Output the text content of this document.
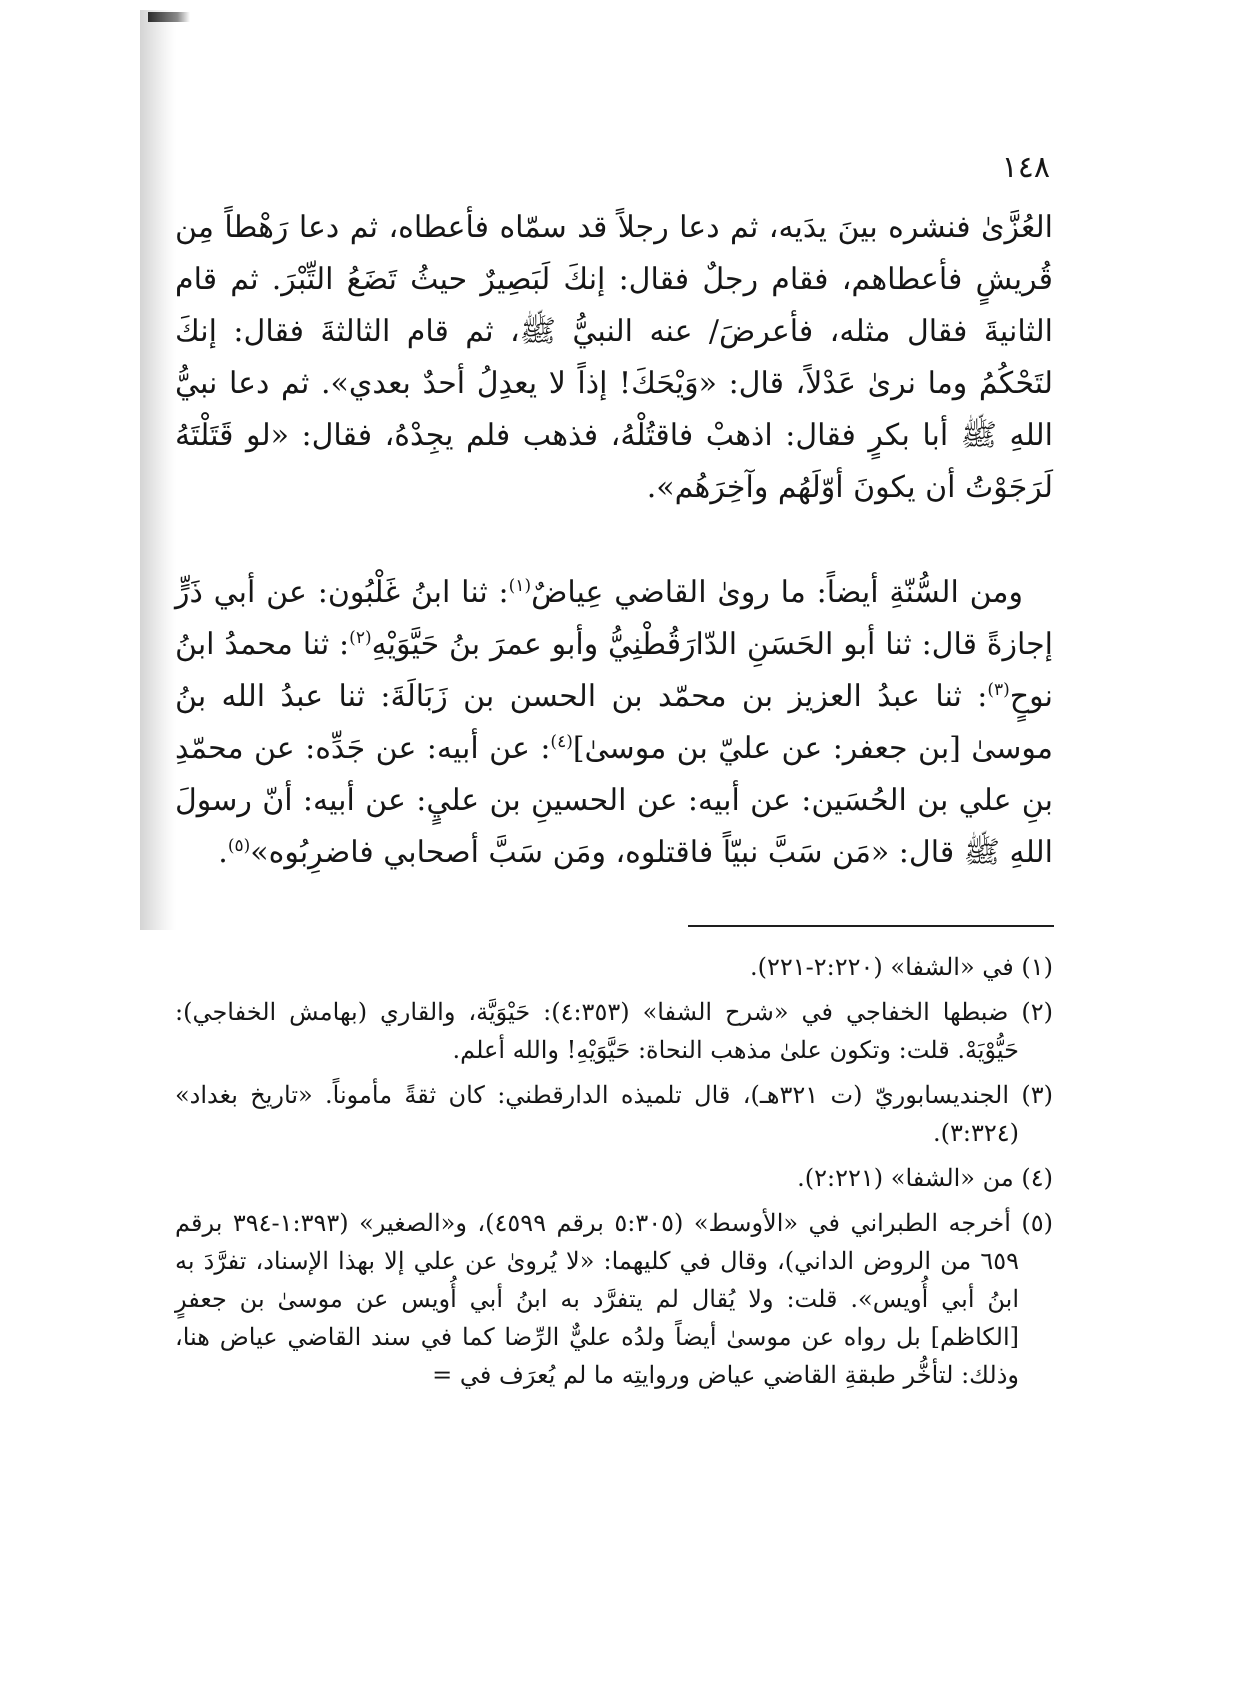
١٤٨

العُزَّىٰ فنشره بينَ يدَيه، ثم دعا رجلاً قد سمّاه فأعطاه، ثم دعا رَهْطاً مِن قُريشٍ فأعطاهم، فقام رجلٌ فقال: إنكَ لَبَصِيرٌ حيثُ تَضَعُ التِّبْرَ. ثم قام الثانيةَ فقال مثله، فأعرضَ/ عنه النبيُّ ﷺ، ثم قام الثالثةَ فقال: إنكَ لتَحْكُمُ وما نرىٰ عَدْلاً، قال: «وَيْحَكَ! إذاً لا يعدِلُ أحدٌ بعدي». ثم دعا نبيُّ اللهِ ﷺ أبا بكرٍ فقال: اذهبْ فاقتُلْهُ، فذهب فلم يجِدْهُ، فقال: «لو قَتَلْتَهُ لَرَجَوْتُ أن يكونَ أوّلَهُم وآخِرَهُم».

ومن السُّنّةِ أيضاً: ما روىٰ القاضي عِياضٌ$^{(١)}$: ثنا ابنُ غَلْبُون: عن أبي ذَرٍّ إجازةً قال: ثنا أبو الحَسَنِ الدّارَقُطْنِيُّ وأبو عمرَ بنُ حَيَّوَيْهِ$^{(٢)}$: ثنا محمدُ ابنُ نوحٍ$^{(٣)}$: ثنا عبدُ العزيز بن محمّد بن الحسن بن زَبَالَةَ: ثنا عبدُ الله بنُ موسىٰ [بن جعفر: عن عليّ بن موسىٰ]$^{(٤)}$: عن أبيه: عن جَدِّه: عن محمّدِ بنِ علي بن الحُسَين: عن أبيه: عن الحسينِ بن عليٍ: عن أبيه: أنّ رسولَ اللهِ ﷺ قال: «مَن سَبَّ نبيّاً فاقتلوه، ومَن سَبَّ أصحابي فاضرِبُوه»$^{(٥)}$.

(١) في «الشفا» (٢:٢٢٠-٢٢١).

(٢) ضبطها الخفاجي في «شرح الشفا» (٤:٣٥٣): حَيْوَيَّة، والقاري (بهامش الخفاجي): حَيُّوْيَهْ. قلت: وتكون علىٰ مذهب النحاة: حَيَّوَيْهِ! والله أعلم.

(٣) الجنديسابوريّ (ت ٣٢١هـ)، قال تلميذه الدارقطني: كان ثقةً مأموناً. «تاريخ بغداد» (٣:٣٢٤).

(٤) من «الشفا» (٢:٢٢١).

(٥) أخرجه الطبراني في «الأوسط» (٥:٣٠٥ برقم ٤٥٩٩)، و«الصغير» (١:٣٩٣-٣٩٤ برقم ٦٥٩ من الروض الداني)، وقال في كليهما: «لا يُروىٰ عن علي إلا بهذا الإسناد، تفرَّدَ به ابنُ أبي أُويس». قلت: ولا يُقال لم يتفرَّد به ابنُ أبي أُويس عن موسىٰ بن جعفرٍ [الكاظم] بل رواه عن موسىٰ أيضاً ولدُه عليٌّ الرِّضا كما في سند القاضي عياض هنا، وذلك: لتأخُّر طبقةِ القاضي عياض وروايتِه ما لم يُعرَف في =
